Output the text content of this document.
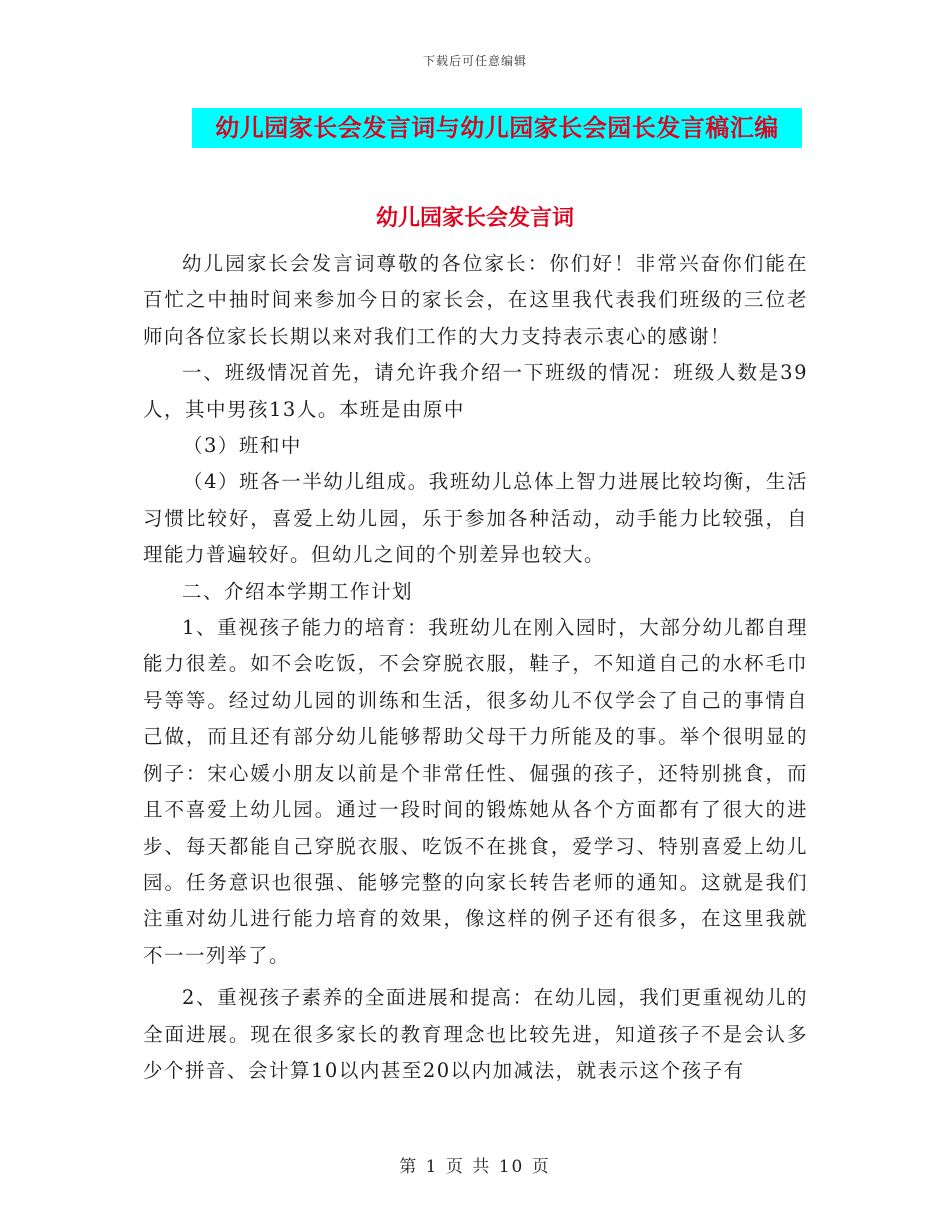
下载后可任意编辑
幼儿园家长会发言词与幼儿园家长会园长发言稿汇编
幼儿园家长会发言词

幼儿园家长会发言词尊敬的各位家长：你们好！非常兴奋你们能在百忙之中抽时间来参加今日的家长会，在这里我代表我们班级的三位老师向各位家长长期以来对我们工作的大力支持表示衷心的感谢！

一、班级情况首先，请允许我介绍一下班级的情况：班级人数是39人，其中男孩13人。本班是由原中

（3）班和中

（4）班各一半幼儿组成。我班幼儿总体上智力进展比较均衡，生活习惯比较好，喜爱上幼儿园，乐于参加各种活动，动手能力比较强，自理能力普遍较好。但幼儿之间的个别差异也较大。

二、介绍本学期工作计划

1、重视孩子能力的培育：我班幼儿在刚入园时，大部分幼儿都自理能力很差。如不会吃饭，不会穿脱衣服，鞋子，不知道自己的水杯毛巾号等等。经过幼儿园的训练和生活，很多幼儿不仅学会了自己的事情自己做，而且还有部分幼儿能够帮助父母干力所能及的事。举个很明显的例子：宋心媛小朋友以前是个非常任性、倔强的孩子，还特别挑食，而且不喜爱上幼儿园。通过一段时间的锻炼她从各个方面都有了很大的进步、每天都能自己穿脱衣服、吃饭不在挑食，爱学习、特别喜爱上幼儿园。任务意识也很强、能够完整的向家长转告老师的通知。这就是我们注重对幼儿进行能力培育的效果，像这样的例子还有很多，在这里我就不一一列举了。

2、重视孩子素养的全面进展和提高：在幼儿园，我们更重视幼儿的全面进展。现在很多家长的教育理念也比较先进，知道孩子不是会认多少个拼音、会计算10以内甚至20以内加减法，就表示这个孩子有

第 1 页 共 10 页
